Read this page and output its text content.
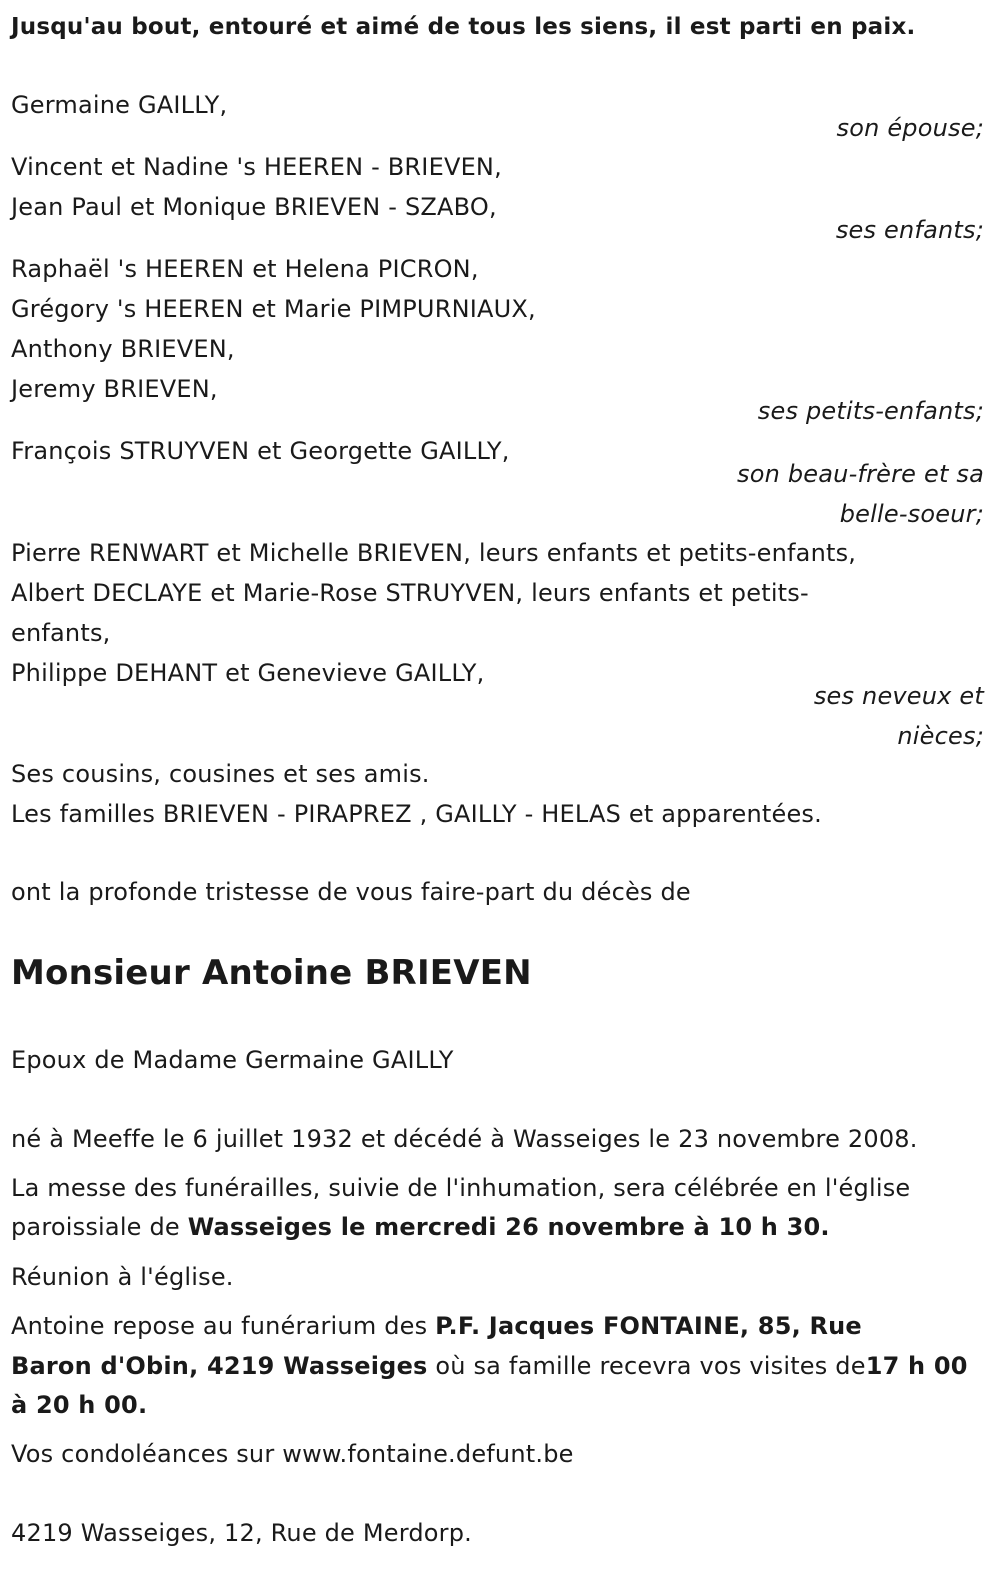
Jusqu'au bout, entouré et aimé de tous les siens, il est parti en paix.
Germaine GAILLY,
son épouse;
Vincent et Nadine 's HEEREN - BRIEVEN,
Jean Paul et Monique BRIEVEN - SZABO,
ses enfants;
Raphaël 's HEEREN et Helena PICRON,
Grégory 's HEEREN et Marie PIMPURNIAUX,
Anthony BRIEVEN,
Jeremy BRIEVEN,
ses petits-enfants;
François STRUYVEN et Georgette GAILLY,
son beau-frère et sa
belle-soeur;
Pierre RENWART et Michelle BRIEVEN, leurs enfants et petits-enfants,
Albert DECLAYE et Marie-Rose STRUYVEN, leurs enfants et petits-
enfants,
Philippe DEHANT et Genevieve GAILLY,
ses neveux et
nièces;
Ses cousins, cousines et ses amis.
Les familles BRIEVEN - PIRAPREZ , GAILLY - HELAS et apparentées.
ont la profonde tristesse de vous faire-part du décès de
Monsieur Antoine BRIEVEN
Epoux de Madame Germaine GAILLY
né à Meeffe le 6 juillet 1932 et décédé à Wasseiges le 23 novembre 2008.
La messe des funérailles, suivie de l'inhumation, sera célébrée en l'église
paroissiale de Wasseiges le mercredi 26 novembre à 10 h 30.
Réunion à l'église.
Antoine repose au funérarium des P.F. Jacques FONTAINE, 85, Rue
Baron d'Obin, 4219 Wasseiges où sa famille recevra vos visites de17 h 00
à 20 h 00.
Vos condoléances sur www.fontaine.defunt.be
4219 Wasseiges, 12, Rue de Merdorp.
